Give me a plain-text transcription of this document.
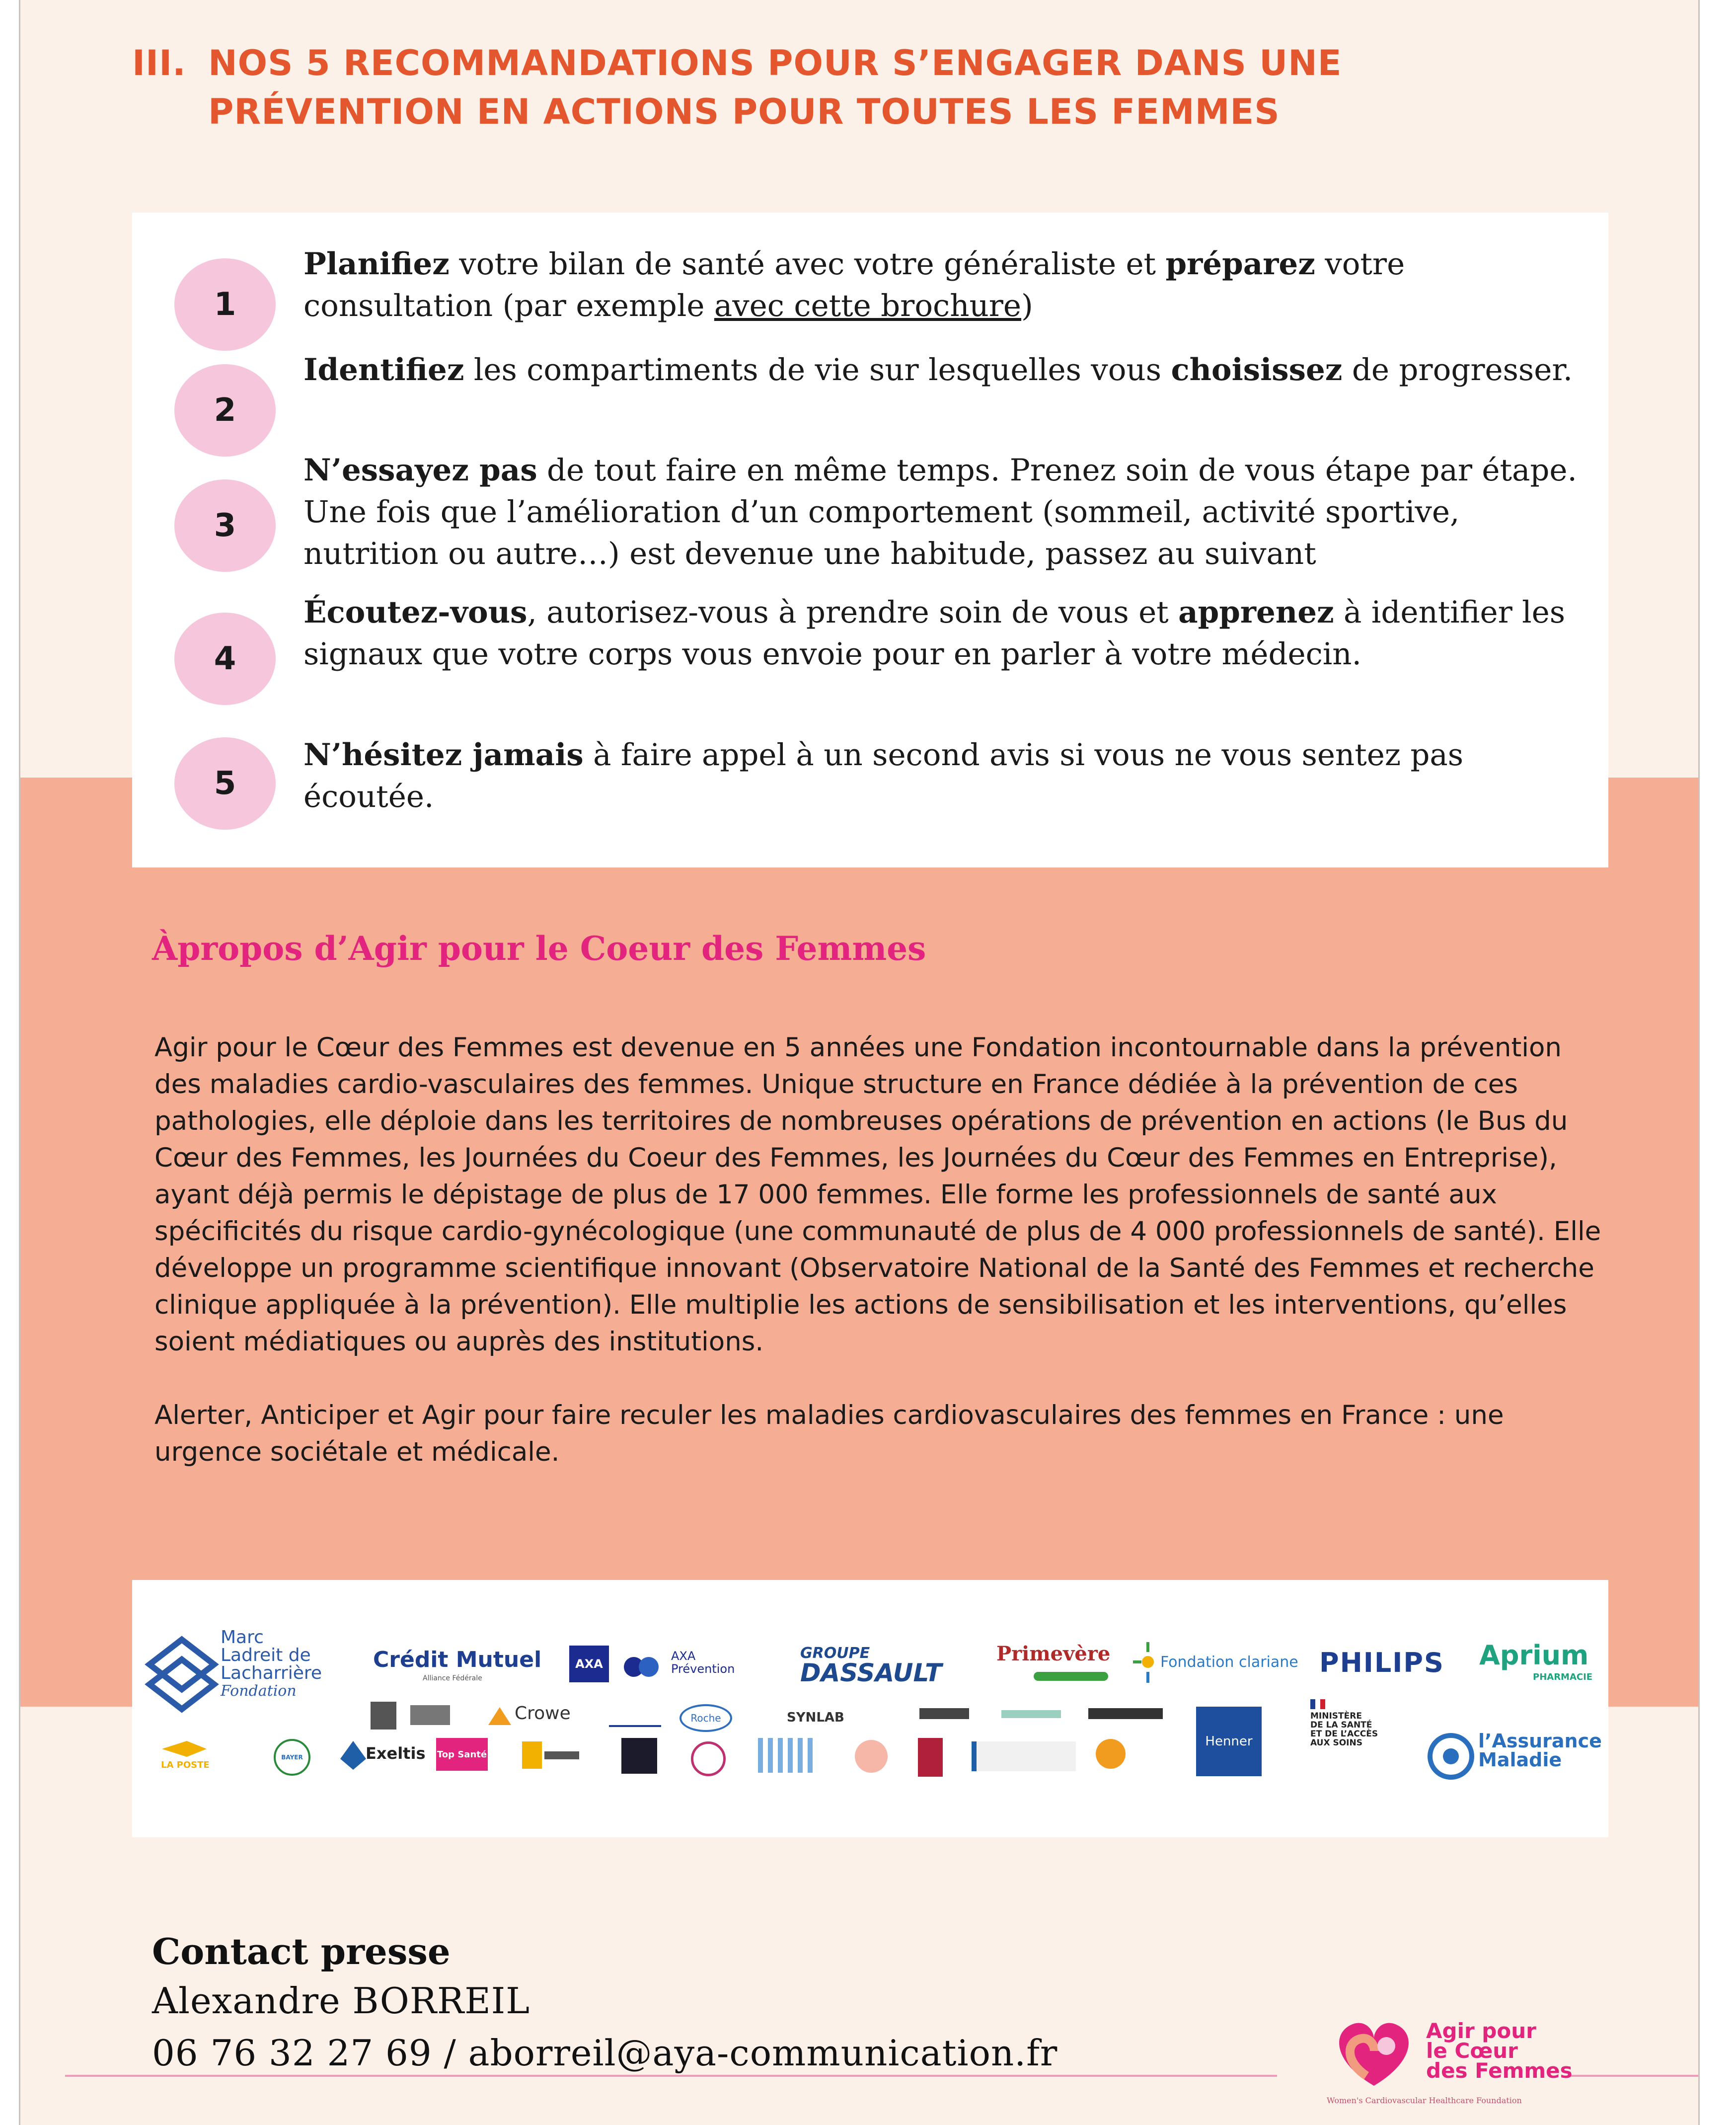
III. NOS 5 RECOMMANDATIONS POUR S’ENGAGER DANS UNE
PRÉVENTION EN ACTIONS POUR TOUTES LES FEMMES
1
Planifiez votre bilan de santé avec votre généraliste et préparez votre consultation (par exemple avec cette brochure)
2
Identifiez les compartiments de vie sur lesquelles vous choisissez de progresser.
3
N’essayez pas de tout faire en même temps. Prenez soin de vous étape par étape. Une fois que l’amélioration d’un comportement (sommeil, activité sportive, nutrition ou autre…) est devenue une habitude, passez au suivant
4
Écoutez-vous, autorisez-vous à prendre soin de vous et apprenez à identifier les signaux que votre corps vous envoie pour en parler à votre médecin.
5
N’hésitez jamais à faire appel à un second avis si vous ne vous sentez pas écoutée.
Àpropos d’Agir pour le Coeur des Femmes

Agir pour le Cœur des Femmes est devenue en 5 années une Fondation incontournable dans la prévention des maladies cardio-vasculaires des femmes. Unique structure en France dédiée à la prévention de ces pathologies, elle déploie dans les territoires de nombreuses opérations de prévention en actions (le Bus du Cœur des Femmes, les Journées du Coeur des Femmes, les Journées du Cœur des Femmes en Entreprise), ayant déjà permis le dépistage de plus de 17 000 femmes. Elle forme les professionnels de santé aux spécificités du risque cardio-gynécologique (une communauté de plus de 4 000 professionnels de santé). Elle développe un programme scientifique innovant (Observatoire National de la Santé des Femmes et recherche clinique appliquée à la prévention). Elle multiplie les actions de sensibilisation et les interventions, qu’elles soient médiatiques ou auprès des institutions.

Alerter, Anticiper et Agir pour faire reculer les maladies cardiovasculaires des femmes en France : une urgence sociétale et médicale.

Marc
Ladreit de
Lacharrière
Fondation
Crédit Mutuel
Alliance Fédérale
AXA
AXA Prévention
GROUPE
DASSAULT
Primevère	Fondation clariane PHILIPS Aprium
PHARMACIE
Crowe	Roche	SYNLAB
LA POSTE
BAYER	Exeltis Top Santé
Henner
MINISTÈRE
DE LA SANTÉ
ET DE L’ACCÈS
AUX SOINS	l’Assurance
Maladie
Contact presse
Alexandre BORREIL
06 76 32 27 69 / aborreil@aya-communication.fr
Agir pour
le Cœur
des Femmes
Women's Cardiovascular Healthcare Foundation
